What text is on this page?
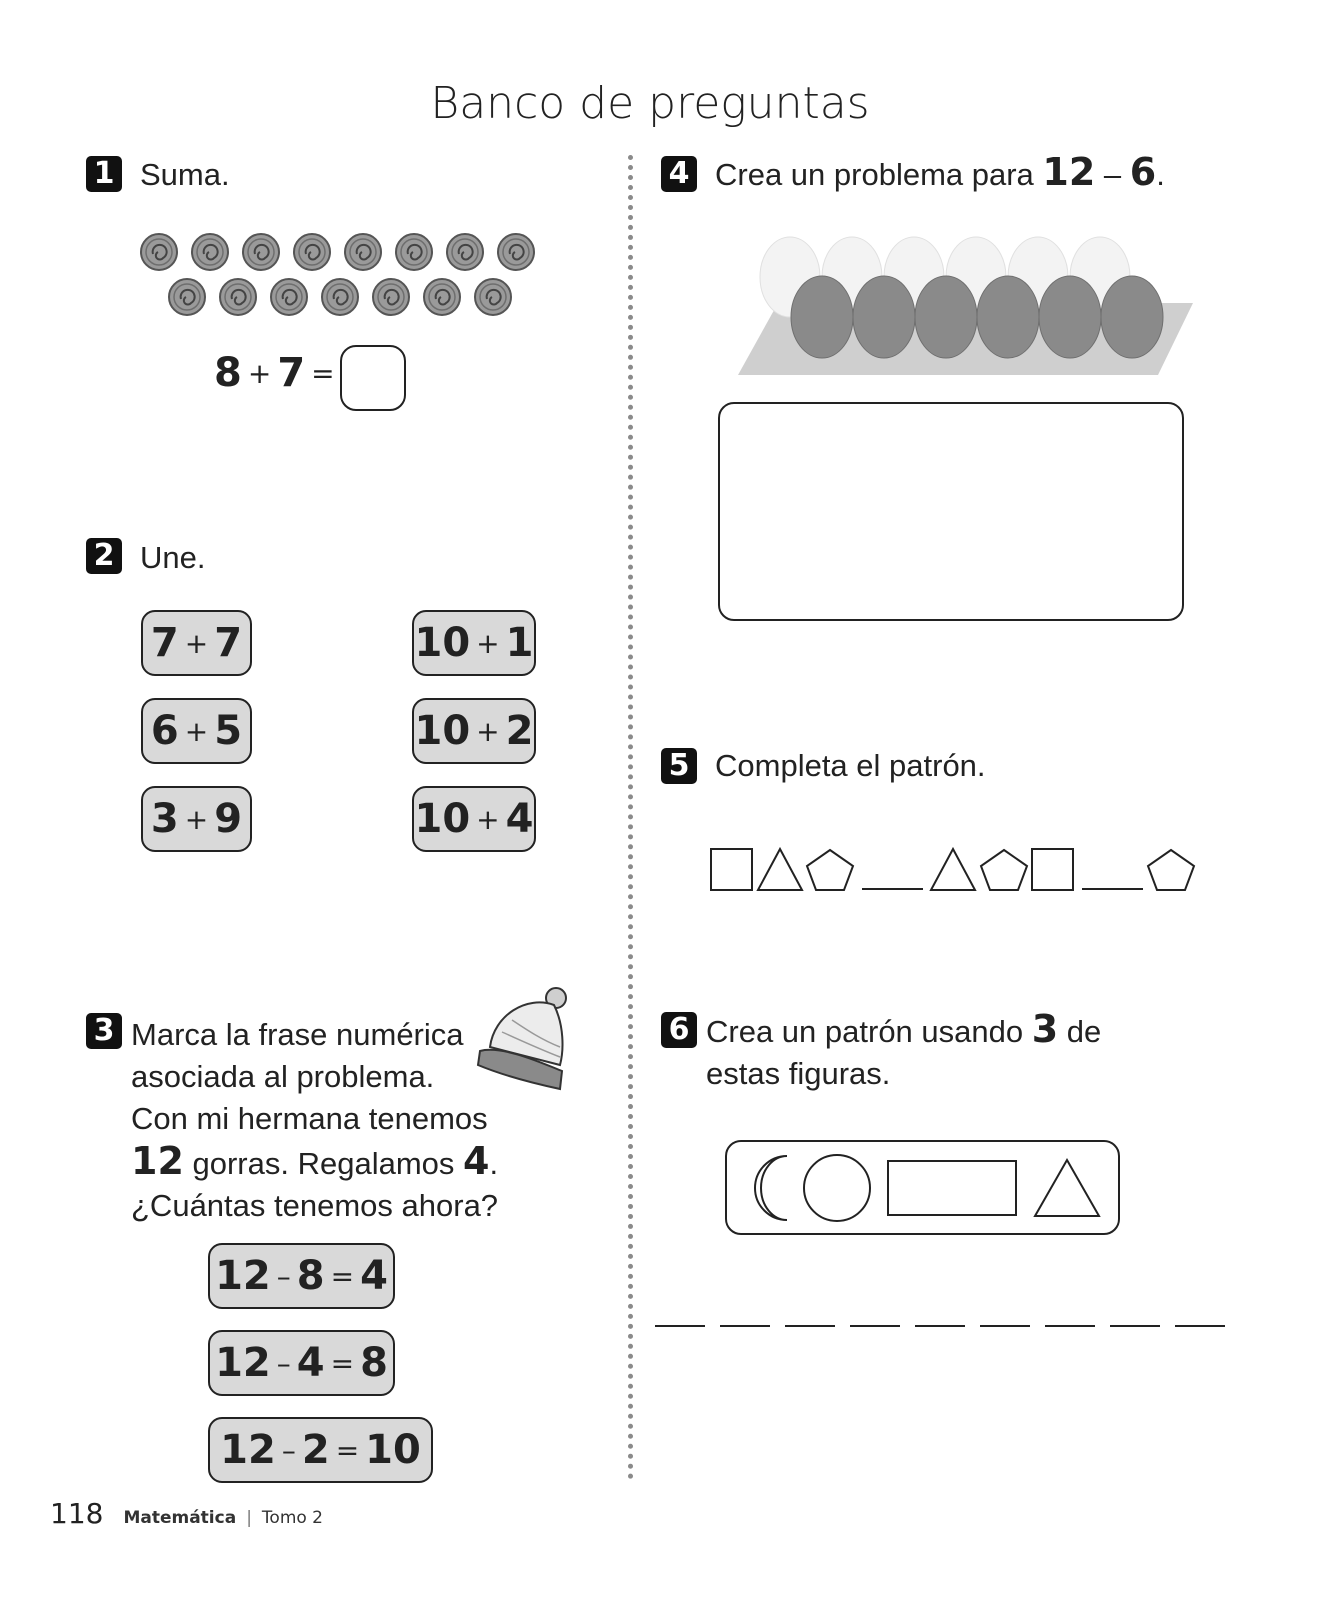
Banco de preguntas
1 Suma.
8 + 7 =
2 Une.
7 + 7
6 + 5
3 + 9
10 + 1
10 + 2
10 + 4
3 Marca la frase numérica
asociada al problema.
Con mi hermana tenemos
12 gorras. Regalamos 4.
¿Cuántas tenemos ahora?
12 – 8 = 4
12 – 4 = 8
12 – 2 = 10
4 Crea un problema para 12 – 6.
5 Completa el patrón.
6 Crea un patrón usando 3 de
estas figuras.
118 Matemática | Tomo 2
